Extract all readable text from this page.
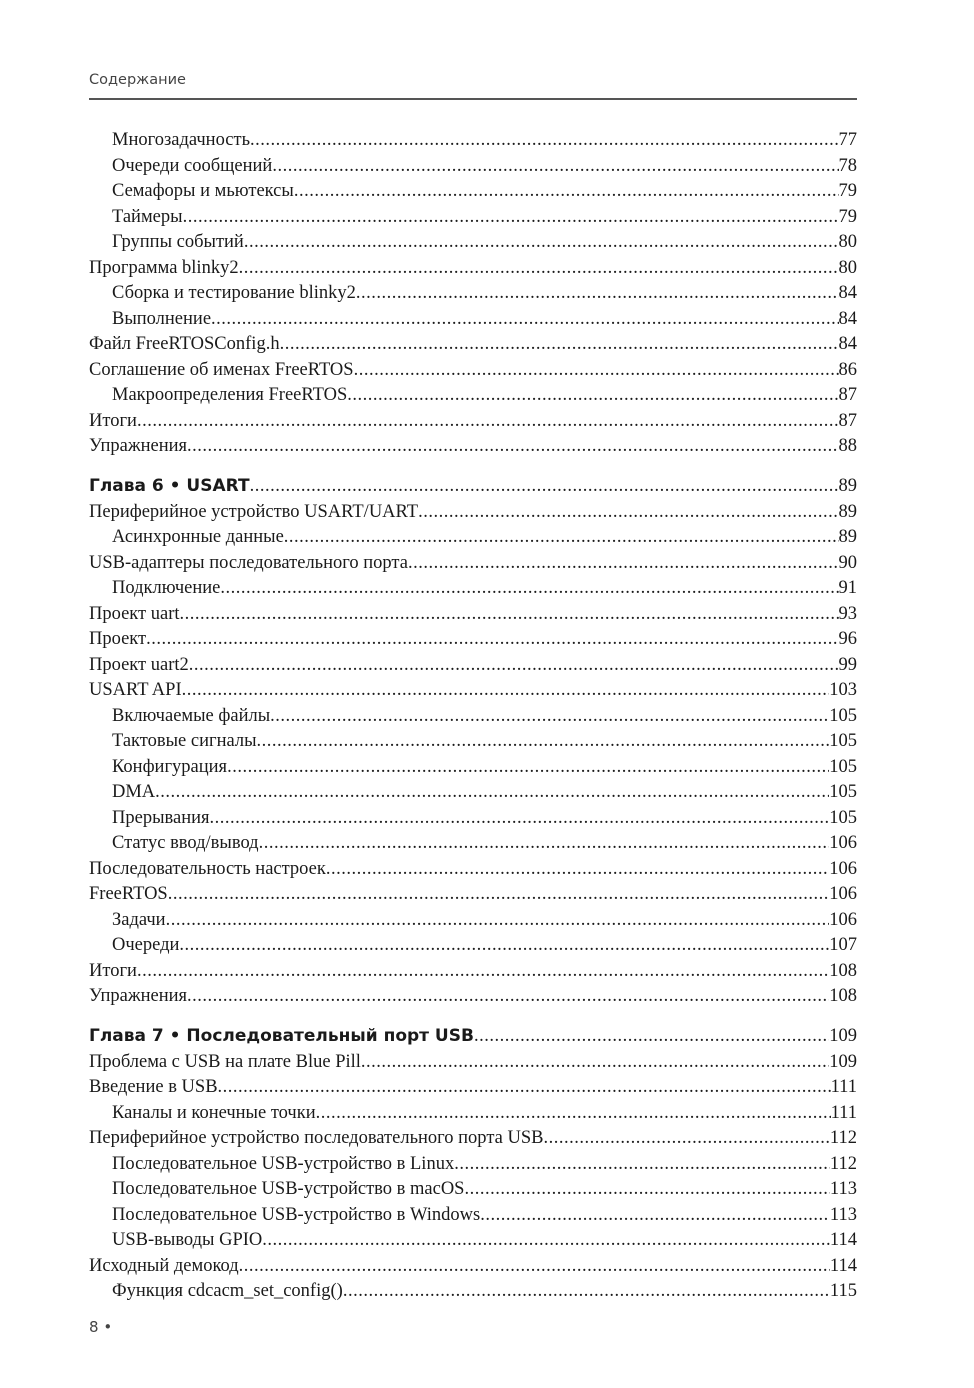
Содержание
Многозадачность .....	77
Очереди сообщений .....	78
Семафоры и мьютексы .....	79
Таймеры .....	79
Группы событий .....	80
Программа blinky2 .....	80
Сборка и тестирование blinky2 .....	84
Выполнение .....	84
Файл FreeRTOSConfig.h .....	84
Соглашение об именах FreeRTOS .....	86
Макроопределения FreeRTOS .....	87
Итоги .....	87
Упражнения .....	88
Глава 6 • USART .....	89
Периферийное устройство USART/UART .....	89
Асинхронные данные .....	89
USB-адаптеры последовательного порта .....	90
Подключение .....	91
Проект uart .....	93
Проект .....	96
Проект uart2 .....	99
USART API .....	103
Включаемые файлы .....	105
Тактовые сигналы .....	105
Конфигурация .....	105
DMA .....	105
Прерывания .....	105
Статус ввод/вывод .....	106
Последовательность настроек .....	106
FreeRTOS .....	106
Задачи .....	106
Очереди .....	107
Итоги .....	108
Упражнения .....	108
Глава 7 • Последовательный порт USB .....	109
Проблема с USB на плате Blue Pill .....	109
Введение в USB .....	111
Каналы и конечные точки .....	111
Периферийное устройство последовательного порта USB .....	112
Последовательное USB-устройство в Linux .....	112
Последовательное USB-устройство в macOS .....	113
Последовательное USB-устройство в Windows .....	113
USB-выводы GPIO .....	114
Исходный демокод .....	114
Функция cdcacm_set_config() .....	115
8 •
